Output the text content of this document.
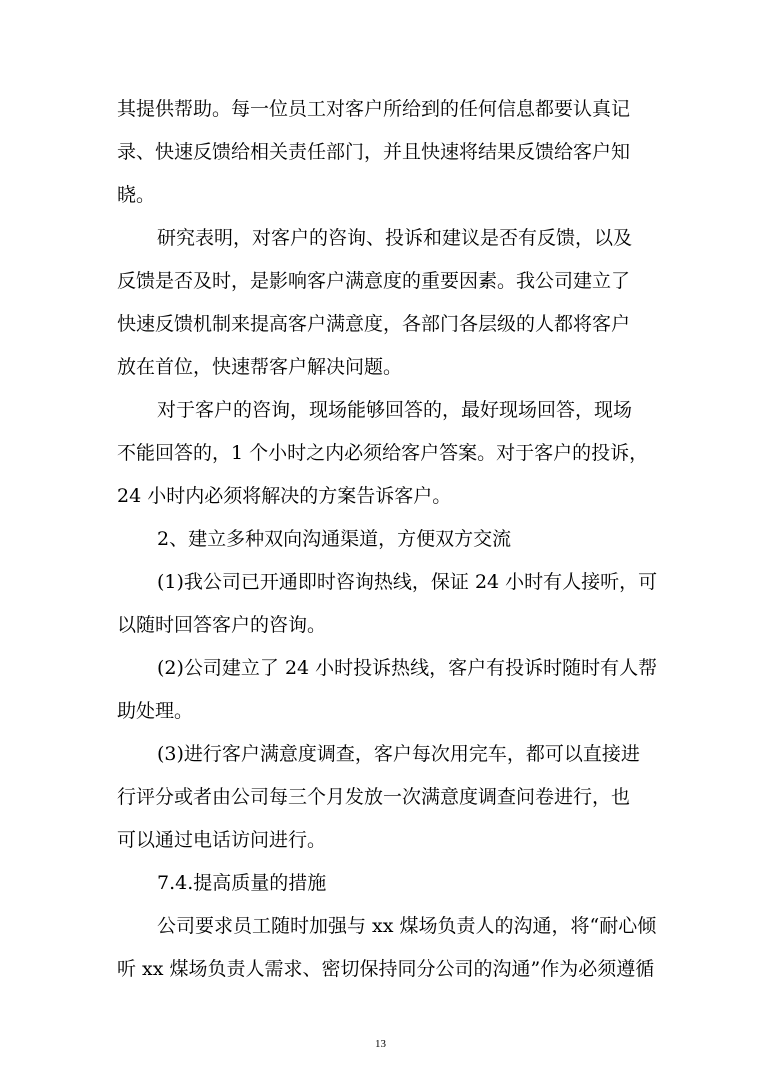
其提供帮助。每一位员工对客户所给到的任何信息都要认真记
录、快速反馈给相关责任部门，并且快速将结果反馈给客户知
晓。
研究表明，对客户的咨询、投诉和建议是否有反馈，以及
反馈是否及时，是影响客户满意度的重要因素。我公司建立了
快速反馈机制来提高客户满意度，各部门各层级的人都将客户
放在首位，快速帮客户解决问题。
对于客户的咨询，现场能够回答的，最好现场回答，现场
不能回答的，1 个小时之内必须给客户答案。对于客户的投诉，
24 小时内必须将解决的方案告诉客户。
2、建立多种双向沟通渠道，方便双方交流
(1)我公司已开通即时咨询热线，保证 24 小时有人接听，可
以随时回答客户的咨询。
(2)公司建立了 24 小时投诉热线，客户有投诉时随时有人帮
助处理。
(3)进行客户满意度调查，客户每次用完车，都可以直接进
行评分或者由公司每三个月发放一次满意度调查问卷进行，也
可以通过电话访问进行。
7.4.提高质量的措施
公司要求员工随时加强与 xx 煤场负责人的沟通，将“耐心倾
听 xx 煤场负责人需求、密切保持同分公司的沟通”作为必须遵循
13
